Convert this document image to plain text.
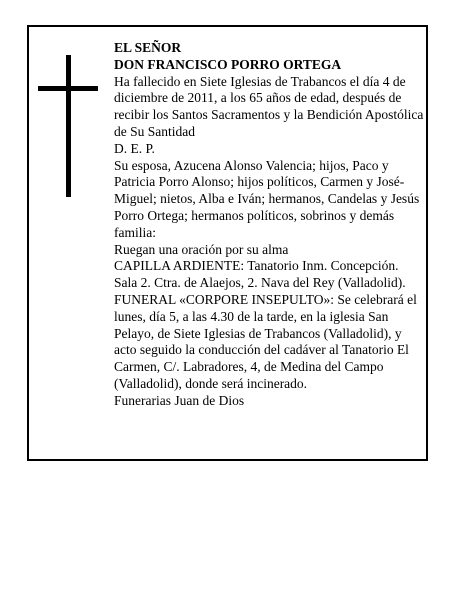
EL SEÑOR

DON FRANCISCO PORRO ORTEGA

Ha fallecido en Siete Iglesias de Trabancos el día 4 de diciembre de 2011, a los 65 años de edad, después de recibir los Santos Sacramentos y la Bendición Apostólica de Su Santidad

D. E. P.

Su esposa, Azucena Alonso Valencia; hijos, Paco y Patricia Porro Alonso; hijos políticos, Carmen y José-Miguel; nietos, Alba e Iván; hermanos, Candelas y Jesús Porro Ortega; hermanos políticos, sobrinos y demás familia:

Ruegan una oración por su alma

CAPILLA ARDIENTE: Tanatorio Inm. Concepción. Sala 2. Ctra. de Alaejos, 2. Nava del Rey (Valladolid).

FUNERAL «CORPORE INSEPULTO»: Se celebrará el lunes, día 5, a las 4.30 de la tarde, en la iglesia San Pelayo, de Siete Iglesias de Trabancos (Valladolid), y acto seguido la conducción del cadáver al Tanatorio El Carmen, C/. Labradores, 4, de Medina del Campo (Valladolid), donde será incinerado.

Funerarias Juan de Dios
